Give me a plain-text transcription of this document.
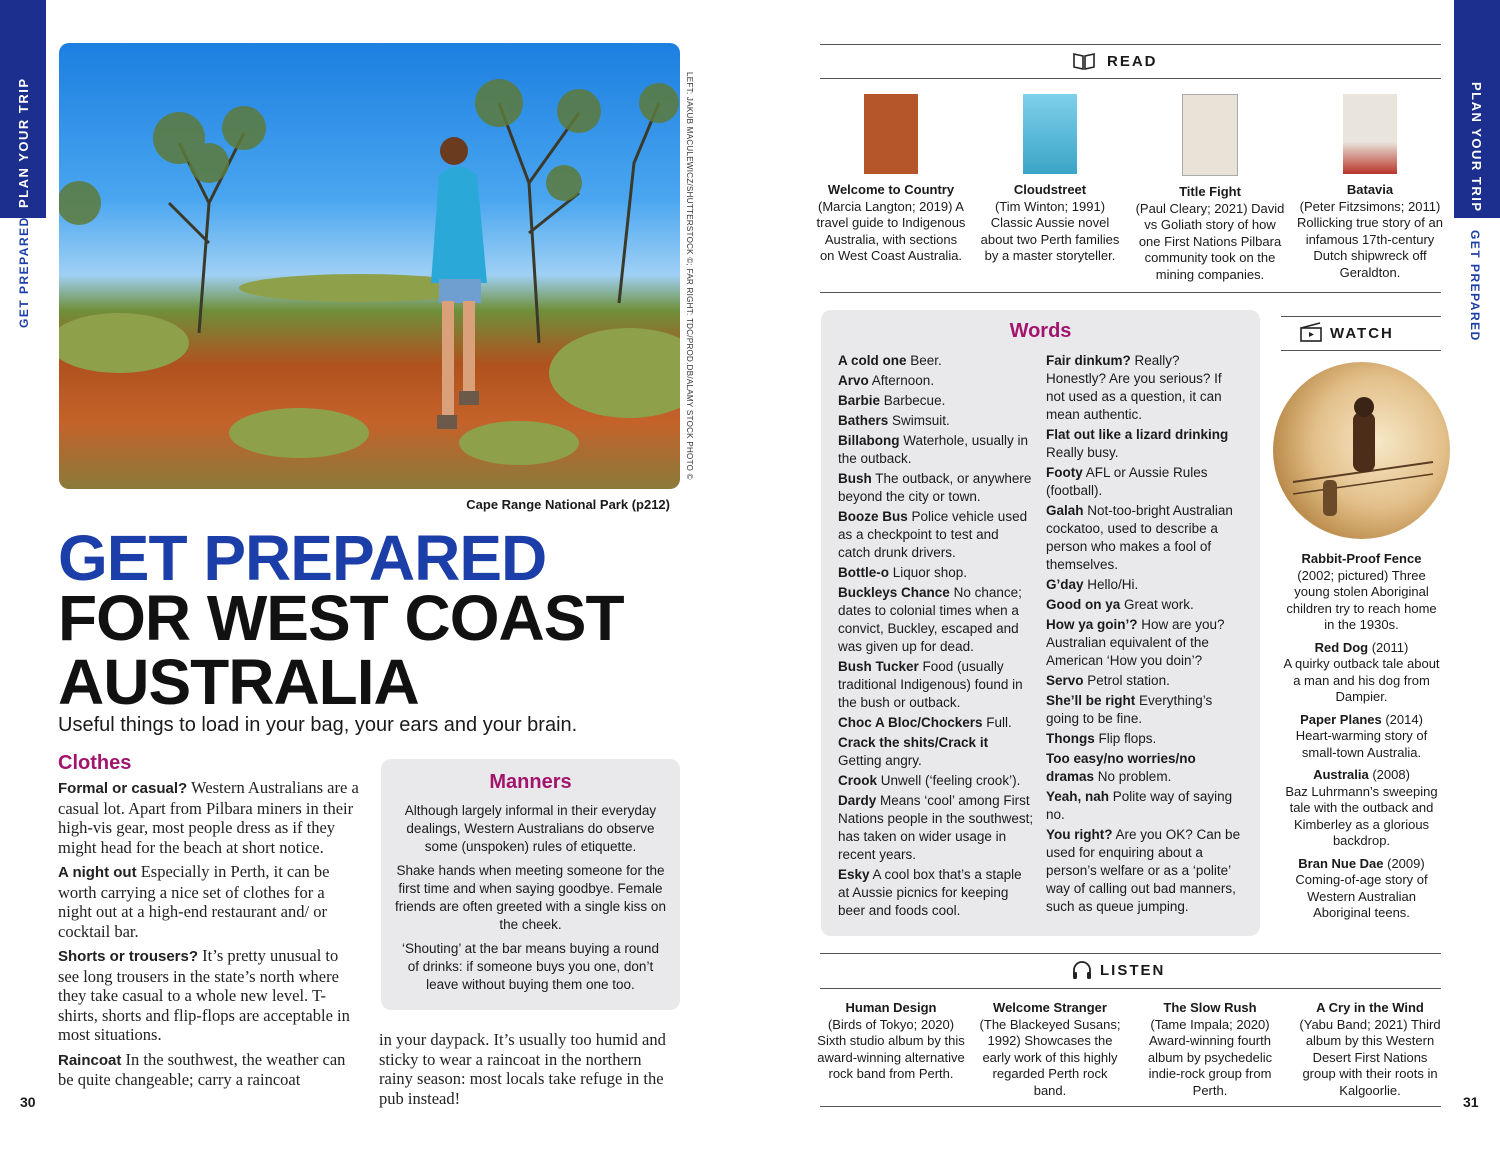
PLAN YOUR TRIP
GET PREPARED
PLAN YOUR TRIP
GET PREPARED
LEFT: JAKUB MACULEWICZ/SHUTTERSTOCK ©; FAR RIGHT: TDC/PROD.DB/ALAMY STOCK PHOTO ©
Cape Range National Park (p212)
GET PREPARED
FOR WEST COAST AUSTRALIA
Useful things to load in your bag, your ears and your brain.
Clothes

Formal or casual? Western Australians are a casual lot. Apart from Pilbara miners in their high-vis gear, most people dress as if they might head for the beach at short notice.

A night out Especially in Perth, it can be worth carrying a nice set of clothes for a night out at a high-end restaurant and/ or cocktail bar.

Shorts or trousers? It’s pretty unusual to see long trousers in the state’s north where they take casual to a whole new level. T-shirts, shorts and flip-flops are acceptable in most situations.

Raincoat In the southwest, the weather can be quite changeable; carry a raincoat

in your daypack. It’s usually too humid and sticky to wear a raincoat in the northern rainy season: most locals take refuge in the pub instead!
Manners

Although largely informal in their everyday dealings, Western Australians do observe some (unspoken) rules of etiquette.

Shake hands when meeting someone for the first time and when saying goodbye. Female friends are often greeted with a single kiss on the cheek.

‘Shouting’ at the bar means buying a round of drinks: if someone buys you one, don’t leave without buying them one too.

30	31
READ
Welcome to Country
(Marcia Langton; 2019) A travel guide to Indigenous Australia, with sections on West Coast Australia.
Cloudstreet
(Tim Winton; 1991) Classic Aussie novel about two Perth families by a master storyteller.
Title Fight
(Paul Cleary; 2021) David vs Goliath story of how one First Nations Pilbara community took on the mining companies.
Batavia
(Peter Fitzsimons; 2011) Rollicking true story of an infamous 17th-century Dutch shipwreck off Geraldton.
Words

A cold one Beer.

Arvo Afternoon.

Barbie Barbecue.

Bathers Swimsuit.

Billabong Waterhole, usually in the outback.

Bush The outback, or anywhere beyond the city or town.

Booze Bus Police vehicle used as a checkpoint to test and catch drunk drivers.

Bottle-o Liquor shop.

Buckleys Chance No chance; dates to colonial times when a convict, Buckley, escaped and was given up for dead.

Bush Tucker Food (usually traditional Indigenous) found in the bush or outback.

Choc A Bloc/Chockers Full.

Crack the shits/Crack it Getting angry.

Crook Unwell (‘feeling crook’).

Dardy Means ‘cool’ among First Nations people in the southwest; has taken on wider usage in recent years.

Esky A cool box that’s a staple at Aussie picnics for keeping beer and foods cool.

Fair dinkum? Really? Honestly? Are you serious? If not used as a question, it can mean authentic.

Flat out like a lizard drinking Really busy.

Footy AFL or Aussie Rules (football).

Galah Not-too-bright Australian cockatoo, used to describe a person who makes a fool of themselves.

G’day Hello/Hi.

Good on ya Great work.

How ya goin’? How are you? Australian equivalent of the American ‘How you doin’?

Servo Petrol station.

She’ll be right Everything’s going to be fine.

Thongs Flip flops.

Too easy/no worries/no dramas No problem.

Yeah, nah Polite way of saying no.

You right? Are you OK? Can be used for enquiring about a person’s welfare or as a ‘polite’ way of calling out bad manners, such as queue jumping.

WATCH
Rabbit-Proof Fence
(2002; pictured) Three young stolen Aboriginal children try to reach home in the 1930s.
Red Dog (2011)
A quirky outback tale about a man and his dog from Dampier.
Paper Planes (2014)
Heart-warming story of small-town Australia.
Australia (2008)
Baz Luhrmann’s sweeping tale with the outback and Kimberley as a glorious backdrop.
Bran Nue Dae (2009)
Coming-of-age story of Western Australian Aboriginal teens.
LISTEN
Human Design
(Birds of Tokyo; 2020) Sixth studio album by this award-winning alternative rock band from Perth.
Welcome Stranger
(The Blackeyed Susans; 1992) Showcases the early work of this highly regarded Perth rock band.
The Slow Rush
(Tame Impala; 2020) Award-winning fourth album by psychedelic indie-rock group from Perth.
A Cry in the Wind
(Yabu Band; 2021) Third album by this Western Desert First Nations group with their roots in Kalgoorlie.
